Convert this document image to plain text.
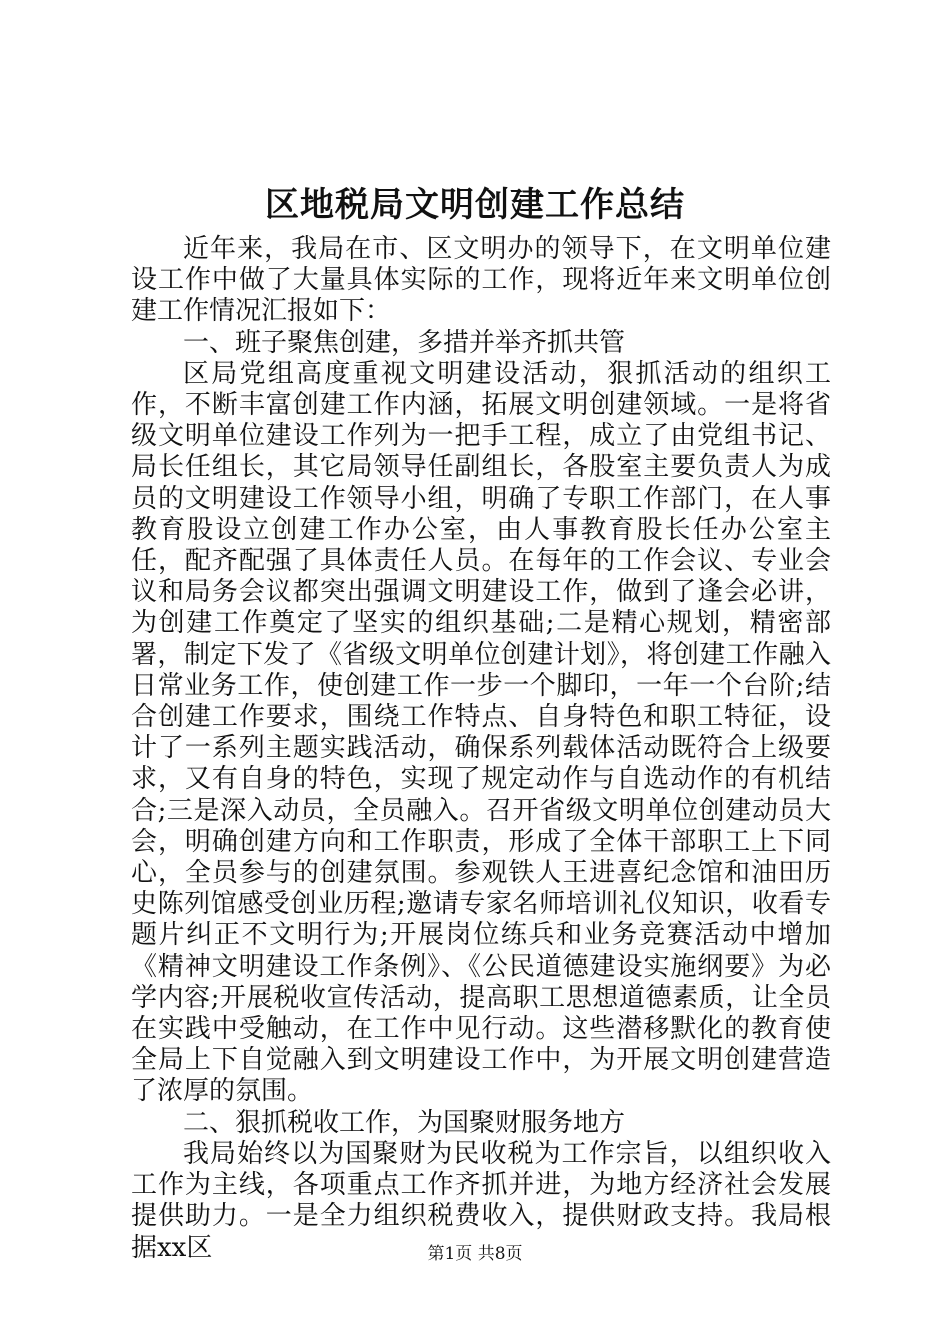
区地税局文明创建工作总结

近年来，我局在市、区文明办的领导下，在文明单位建设工作中做了大量具体实际的工作，现将近年来文明单位创建工作情况汇报如下：

一、班子聚焦创建，多措并举齐抓共管

区局党组高度重视文明建设活动，狠抓活动的组织工作，不断丰富创建工作内涵，拓展文明创建领域。一是将省级文明单位建设工作列为一把手工程，成立了由党组书记、局长任组长，其它局领导任副组长，各股室主要负责人为成员的文明建设工作领导小组，明确了专职工作部门，在人事教育股设立创建工作办公室，由人事教育股长任办公室主任，配齐配强了具体责任人员。在每年的工作会议、专业会议和局务会议都突出强调文明建设工作，做到了逢会必讲，为创建工作奠定了坚实的组织基础;二是精心规划，精密部署，制定下发了《省级文明单位创建计划》，将创建工作融入日常业务工作，使创建工作一步一个脚印，一年一个台阶;结合创建工作要求，围绕工作特点、自身特色和职工特征，设计了一系列主题实践活动，确保系列载体活动既符合上级要求，又有自身的特色，实现了规定动作与自选动作的有机结合;三是深入动员，全员融入。召开省级文明单位创建动员大会，明确创建方向和工作职责，形成了全体干部职工上下同心，全员参与的创建氛围。参观铁人王进喜纪念馆和油田历史陈列馆感受创业历程;邀请专家名师培训礼仪知识，收看专题片纠正不文明行为;开展岗位练兵和业务竞赛活动中增加《精神文明建设工作条例》、《公民道德建设实施纲要》为必学内容;开展税收宣传活动，提高职工思想道德素质，让全员在实践中受触动，在工作中见行动。这些潜移默化的教育使全局上下自觉融入到文明建设工作中，为开展文明创建营造了浓厚的氛围。

二、狠抓税收工作，为国聚财服务地方

我局始终以为国聚财为民收税为工作宗旨，以组织收入工作为主线，各项重点工作齐抓并进，为地方经济社会发展提供助力。一是全力组织税费收入，提供财政支持。我局根据xx区	第1页 共8页
